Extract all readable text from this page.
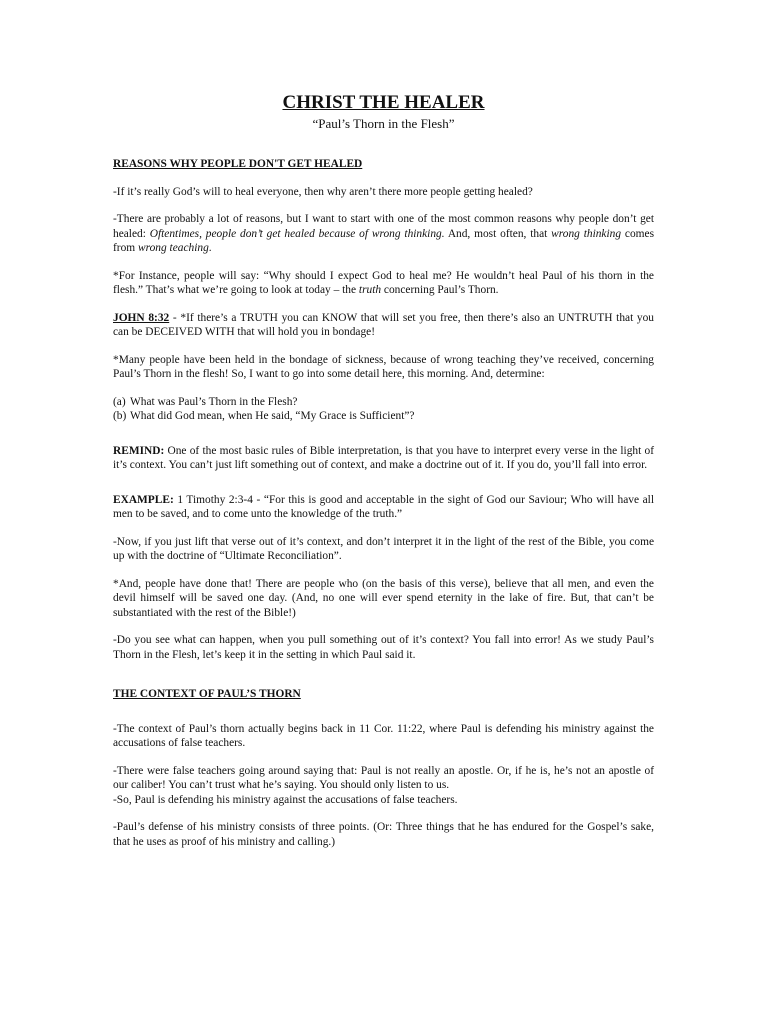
CHRIST THE HEALER
“Paul’s Thorn in the Flesh”
REASONS WHY PEOPLE DON'T GET HEALED

-If it’s really God’s will to heal everyone, then why aren’t there more people getting healed?

-There are probably a lot of reasons, but I want to start with one of the most common reasons why people don’t get healed: Oftentimes, people don’t get healed because of wrong thinking. And, most often, that wrong thinking comes from wrong teaching.

*For Instance, people will say: “Why should I expect God to heal me? He wouldn’t heal Paul of his thorn in the flesh.” That’s what we’re going to look at today – the truth concerning Paul’s Thorn.

JOHN 8:32 - *If there’s a TRUTH you can KNOW that will set you free, then there’s also an UNTRUTH that you can be DECEIVED WITH that will hold you in bondage!

*Many people have been held in the bondage of sickness, because of wrong teaching they’ve received, concerning Paul’s Thorn in the flesh! So, I want to go into some detail here, this morning. And, determine:

(a) What was Paul’s Thorn in the Flesh?
(b) What did God mean, when He said, “My Grace is Sufficient”?

REMIND: One of the most basic rules of Bible interpretation, is that you have to interpret every verse in the light of it’s context. You can’t just lift something out of context, and make a doctrine out of it. If you do, you’ll fall into error.

EXAMPLE: 1 Timothy 2:3-4 - “For this is good and acceptable in the sight of God our Saviour; Who will have all men to be saved, and to come unto the knowledge of the truth.”

-Now, if you just lift that verse out of it’s context, and don’t interpret it in the light of the rest of the Bible, you come up with the doctrine of “Ultimate Reconciliation”.

*And, people have done that! There are people who (on the basis of this verse), believe that all men, and even the devil himself will be saved one day. (And, no one will ever spend eternity in the lake of fire. But, that can’t be substantiated with the rest of the Bible!)

-Do you see what can happen, when you pull something out of it’s context? You fall into error! As we study Paul’s Thorn in the Flesh, let’s keep it in the setting in which Paul said it.

THE CONTEXT OF PAUL’S THORN

-The context of Paul’s thorn actually begins back in 11 Cor. 11:22, where Paul is defending his ministry against the accusations of false teachers.

-There were false teachers going around saying that: Paul is not really an apostle. Or, if he is, he’s not an apostle of our caliber! You can’t trust what he’s saying. You should only listen to us.

-So, Paul is defending his ministry against the accusations of false teachers.

-Paul’s defense of his ministry consists of three points. (Or: Three things that he has endured for the Gospel’s sake, that he uses as proof of his ministry and calling.)
